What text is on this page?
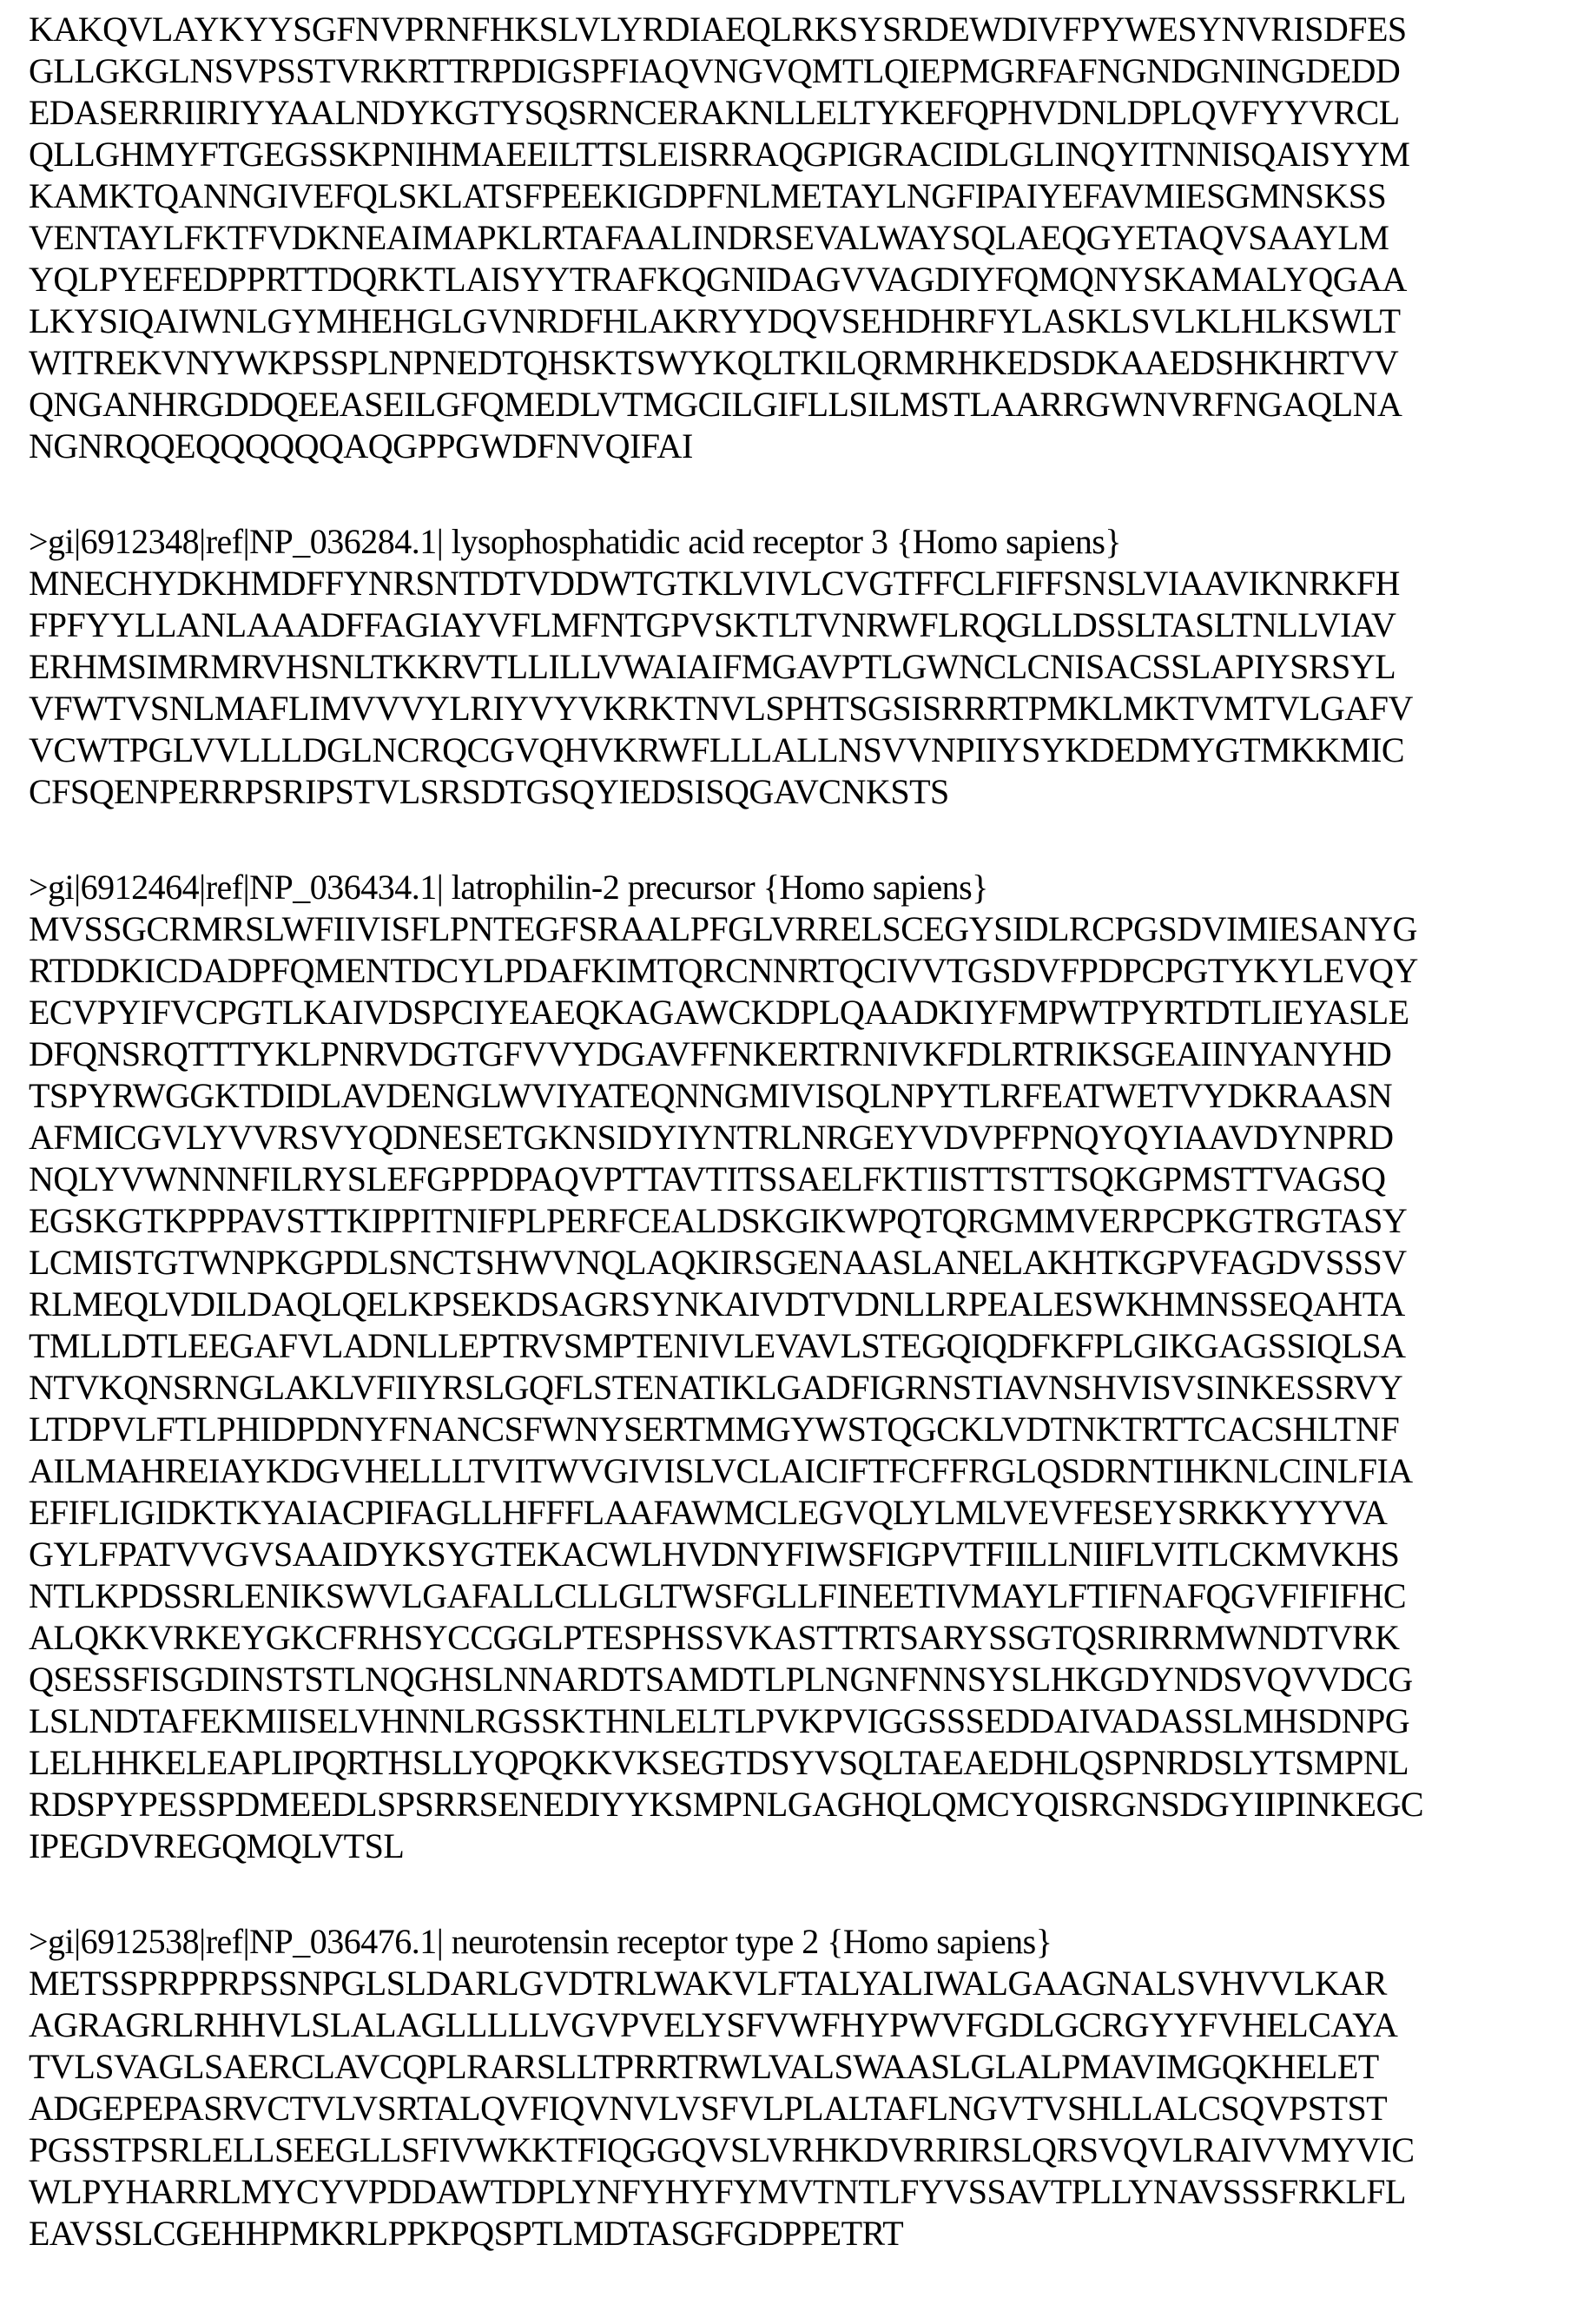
KAKQVLAYKYYSGFNVPRNFHKSLVLYRDIAEQLRKSYSRDEWDIVFPYWESYNVRISDFES
GLLGKGLNSVPSSTVRKRTTRPDIGSPFIAQVNGVQMTLQIEPMGRFAFNGNDGNINGDEDD
EDASERRIIRIYYAALNDYKGTYSQSRNCERAKNLLELTYKEFQPHVDNLDPLQVFYYVRCL
QLLGHMYFTGEGSSKPNIHMAEEILTTSLEISRRAQGPIGRACIDLGLINQYITNNISQAISYYM
KAMKTQANNGIVEFQLSKLATSFPEEKIGDPFNLMETAYLNGFIPAIYEFAVMIESGMNSKSS
VENTAYLFKTFVDKNEAIMAPKLRTAFAALINDRSEVALWAYSQLAEQGYETAQVSAAYLM
YQLPYEFEDPPRTTDQRKTLAISYYTRAFKQGNIDAGVVAGDIYFQMQNYSKAMALYQGAA
LKYSIQAIWNLGYMHEHGLGVNRDFHLAKRYYDQVSEHDHRFYLASKLSVLKLHLKSWLT
WITREKVNYWKPSSPLNPNEDTQHSKTSWYKQLTKILQRMRHKEDSDKAAEDSHKHRTVV
QNGANHRGDDQEEASEILGFQMEDLVTMGCILGIFLLSILMSTLAARRGWNVRFNGAQLNA
NGNRQQEQQQQQQAQGPPGWDFNVQIFAI
>gi|6912348|ref|NP_036284.1| lysophosphatidic acid receptor 3 {Homo sapiens}
MNECHYDKHMDFFYNRSNTDTVDDWTGTKLVIVLCVGTFFCLFIFFSNSLVIAAVIKNRKFH
FPFYYLLANLAAADFFAGIAYVFLMFNTGPVSKTLTVNRWFLRQGLLDSSLTASLTNLLVIAV
ERHMSIMRMRVHSNLTKKRVTLLILLVWAIAIFMGAVPTLGWNCLCNISACSSLAPIYSRSYL
VFWTVSNLMAFLIMVVVYLRIYVYVKRKTNVLSPHTSGSISRRRTPMKLMKTVMTVLGAFV
VCWTPGLVVLLLDGLNCRQCGVQHVKRWFLLLALLNSVVNPIIYSYKDEDMYGTMKKMIC
CFSQENPERRPSRIPSTVLSRSDTGSQYIEDSISQGAVCNKSTS
>gi|6912464|ref|NP_036434.1| latrophilin-2 precursor {Homo sapiens}
MVSSGCRMRSLWFIIVISFLPNTEGFSRAALPFGLVRRELSCEGYSIDLRCPGSDVIMIESANYG
RTDDKICDADPFQMENTDCYLPDAFKIMTQRCNNRTQCIVVTGSDVFPDPCPGTYKYLEVQY
ECVPYIFVCPGTLKAIVDSPCIYEAEQKAGAWCKDPLQAADKIYFMPWTPYRTDTLIEYASLE
DFQNSRQTTTYKLPNRVDGTGFVVYDGAVFFNKERTRNIVKFDLRTRIKSGEAIINYANYHD
TSPYRWGGKTDIDLAVDENGLWVIYATEQNNGMIVISQLNPYTLRFEATWETVYDKRAASN
AFMICGVLYVVRSVYQDNESETGKNSIDYIYNTRLNRGEYVDVPFPNQYQYIAAVDYNPRD
NQLYVWNNNFILRYSLEFGPPDPAQVPTTAVTITSSAELFKTIISTTSTTSQKGPMSTTVAGSQ
EGSKGTKPPPAVSTTKIPPITNIFPLPERFCEALDSKGIKWPQTQRGMMVERPCPKGTRGTASY
LCMISTGTWNPKGPDLSNCTSHWVNQLAQKIRSGENAASLANELAKHTKGPVFAGDVSSSV
RLMEQLVDILDAQLQELKPSEKDSAGRSYNKAIVDTVDNLLRPEALESWKHMNSSEQAHTA
TMLLDTLEEGAFVLADNLLEPTRVSMPTENIVLEVAVLSTEGQIQDFKFPLGIKGAGSSIQLSA
NTVKQNSRNGLAKLVFIIYRSLGQFLSTENATIKLGADFIGRNSTIAVNSHVISVSINKESSRVY
LTDPVLFTLPHIDPDNYFNANCSFWNYSERTMMGYWSTQGCKLVDTNKTRTTCACSHLTNF
AILMAHREIAYKDGVHELLLTVITWVGIVISLVCLAICIFTFCFFRGLQSDRNTIHKNLCINLFIA
EFIFLIGIDKTKYAIACPIFAGLLHFFFLAAFAWMCLEGVQLYLMLVEVFESEYSRKKYYYVA
GYLFPATVVGVSAAIDYKSYGTEKACWLHVDNYFIWSFIGPVTFIILLNIIFLVITLCKMVKHS
NTLKPDSSRLENIKSWVLGAFALLCLLGLTWSFGLLFINEETIVMAYLFTIFNAFQGVFIFIFHC
ALQKKVRKEYGKCFRHSYCCGGLPTESPHSSVKASTTRTSARYSSGTQSRIRRMWNDTVRK
QSESSFISGDINSTSTLNQGHSLNNARDTSAMDTLPLNGNFNNSYSLHKGDYNDSVQVVDCG
LSLNDTAFEKMIISELVHNNLRGSSKTHNLELTLPVKPVIGGSSSEDDAIVADASSLMHSDNPG
LELHHKELEAPLIPQRTHSLLYQPQKKVKSEGTDSYVSQLTAEAEDHLQSPNRDSLYTSMPNL
RDSPYPESSPDMEEDLSPSRRSENEDIYYKSMPNLGAGHQLQMCYQISRGNSDGYIIPINKEGC
IPEGDVREGQMQLVTSL
>gi|6912538|ref|NP_036476.1| neurotensin receptor type 2 {Homo sapiens}
METSSPRPPRPSSNPGLSLDARLGVDTRLWAKVLFTALYALIWALGAAGNALSVHVVLKAR
AGRAGRLRHHVLSLALAGLLLLLVGVPVELYSFVWFHYPWVFGDLGCRGYYFVHELCAYA
TVLSVAGLSAERCLAVCQPLRARSLLTPRRTRWLVALSWAASLGLALPMAVIMGQKHELET
ADGEPEPASRVCTVLVSRTALQVFIQVNVLVSFVLPLALTAFLNGVTVSHLLALCSQVPSTST
PGSSTPSRLELLSEEGLLSFIVWKKTFIQGGQVSLVRHKDVRRIRSLQRSVQVLRAIVVMYVIC
WLPYHARRLMYCYVPDDAWTDPLYNFYHYFYMVTNTLFYVSSAVTPLLYNAVSSSFRKLFL
EAVSSLCGEHHPMKRLPPKPQSPTLMDTASGFGDPPETRT
